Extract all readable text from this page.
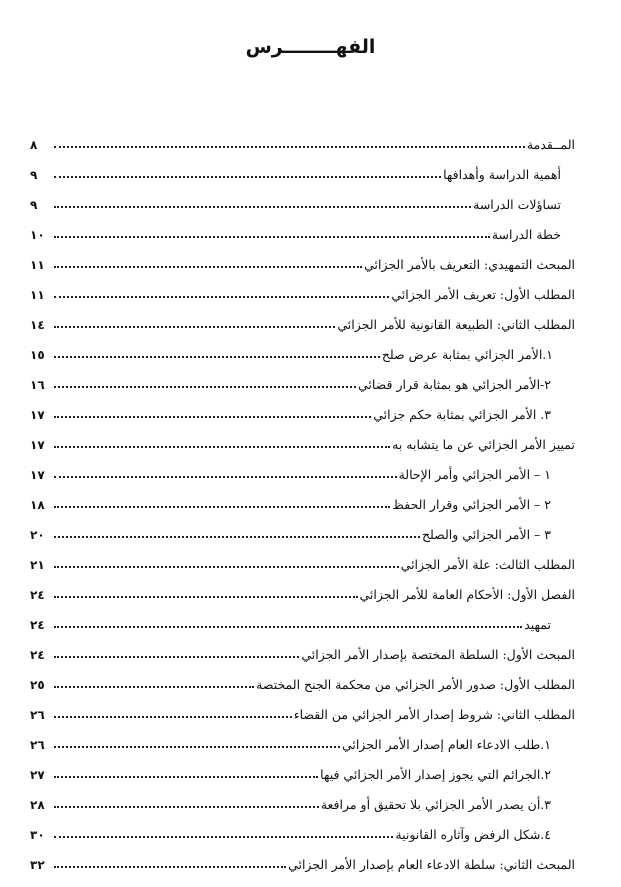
الفهــــــــرس
المــقدمة
٨
أهمية الدراسة وأهدافها
٩
تساؤلات الدراسة
٩
خطة الدراسة
١٠
المبحث التمهيدي: التعريف بالأمر الجزائي
١١
المطلب الأول: تعريف الأمر الجزائي
١١
المطلب الثاني: الطبيعة القانونية للأمر الجزائي
١٤
١.الأمر الجزائي بمثابة عرض صلح
١٥
٢-الأمر الجزائي هو بمثابة قرار قضائي
١٦
٣. الأمر الجزائي بمثابة حكم جزائي
١٧
تمييز الأمر الجزائي عن ما يتشابه به
١٧
١ – الأمر الجزائي وأمر الإحالة
١٧
٢ – الأمر الجزائي وقرار الحفظ
١٨
٣ – الأمر الجزائي والصلح
٢٠
المطلب الثالث: علة الأمر الجزائي
٢١
الفصل الأول: الأحكام العامة للأمر الجزائي
٢٤
تمهيد
٢٤
المبحث الأول: السلطة المختصة بإصدار الأمر الجزائي
٢٤
المطلب الأول: صدور الأمر الجزائي من محكمة الجنح المختصة
٢٥
المطلب الثاني: شروط إصدار الأمر الجزائي من القضاء
٢٦
١.طلب الادعاء العام إصدار الأمر الجزائي
٢٦
٢.الجرائم التي يجوز إصدار الأمر الجزائي فيها
٢٧
٣.أن يصدر الأمر الجزائي بلا تحقيق أو مرافعة
٢٨
٤.شكل الرفض وآثاره القانونية
٣٠
المبحث الثاني: سلطة الادعاء العام بإصدار الأمر الجزائي
٣٢
